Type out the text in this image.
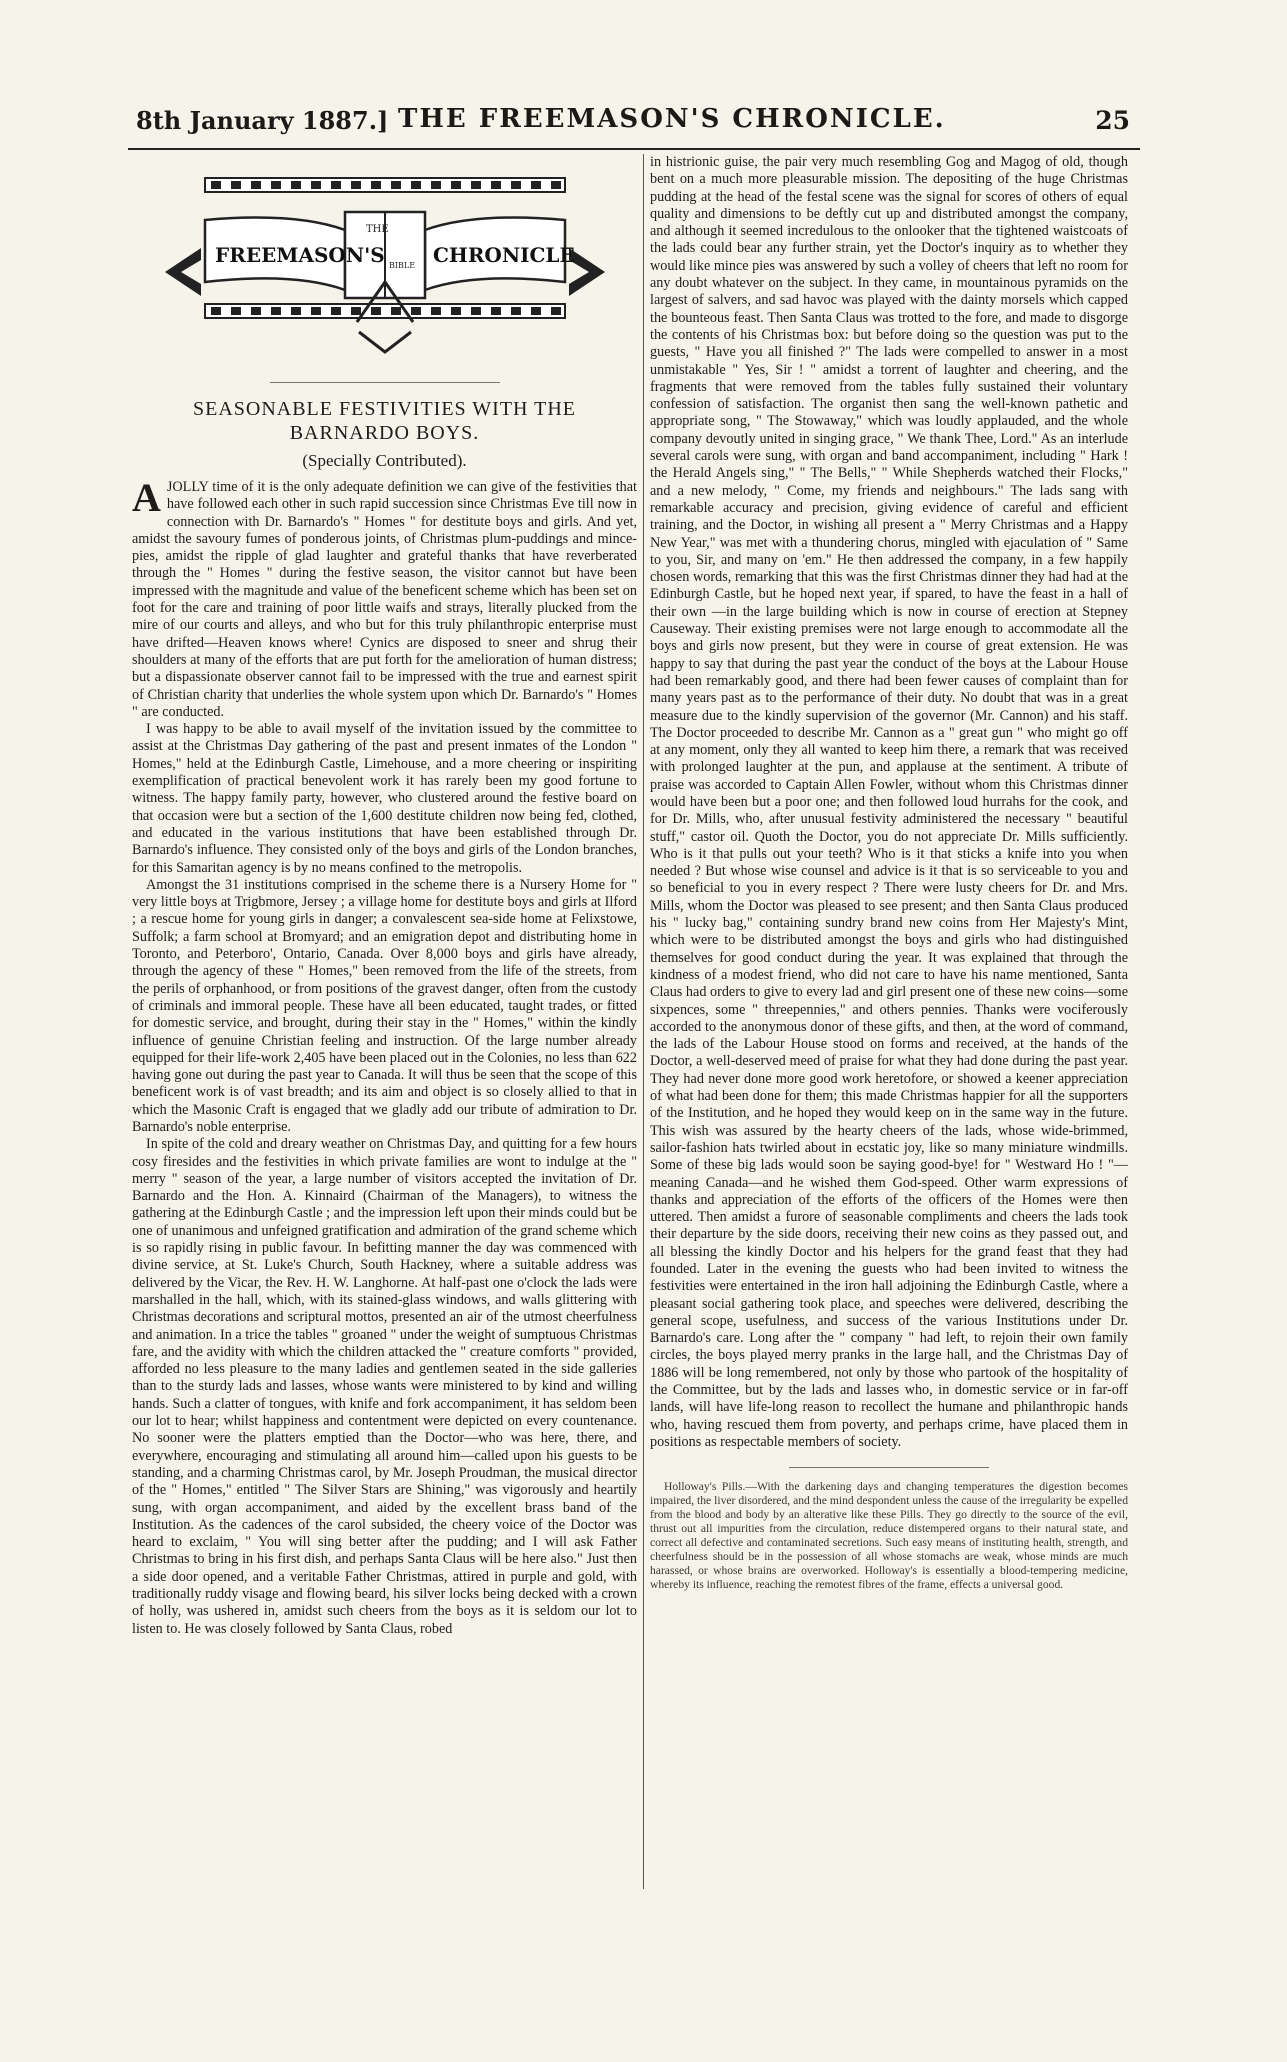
8th January 1887.] THE FREEMASON'S CHRONICLE.	25
THE
BIBLE
FREEMASON'S CHRONICLE
SEASONABLE FESTIVITIES WITH THE BARNARDO BOYS.
(Specially Contributed).

AJOLLY time of it is the only adequate definition we can give of the festivities that have followed each other in such rapid succession since Christmas Eve till now in connection with Dr. Barnardo's " Homes " for destitute boys and girls. And yet, amidst the savoury fumes of ponderous joints, of Christmas plum-puddings and mince-pies, amidst the ripple of glad laughter and grateful thanks that have reverberated through the " Homes " during the festive season, the visitor cannot but have been impressed with the magnitude and value of the beneficent scheme which has been set on foot for the care and training of poor little waifs and strays, literally plucked from the mire of our courts and alleys, and who but for this truly philanthropic enterprise must have drifted—Heaven knows where! Cynics are disposed to sneer and shrug their shoulders at many of the efforts that are put forth for the amelioration of human distress; but a dispassionate observer cannot fail to be impressed with the true and earnest spirit of Christian charity that underlies the whole system upon which Dr. Barnardo's " Homes " are conducted.

I was happy to be able to avail myself of the invitation issued by the committee to assist at the Christmas Day gathering of the past and present inmates of the London " Homes," held at the Edinburgh Castle, Limehouse, and a more cheering or inspiriting exemplification of practical benevolent work it has rarely been my good fortune to witness. The happy family party, however, who clustered around the festive board on that occasion were but a section of the 1,600 destitute children now being fed, clothed, and educated in the various institutions that have been established through Dr. Barnardo's influence. They consisted only of the boys and girls of the London branches, for this Samaritan agency is by no means confined to the metropolis.

Amongst the 31 institutions comprised in the scheme there is a Nursery Home for " very little boys at Trigbmore, Jersey ; a village home for destitute boys and girls at Ilford ; a rescue home for young girls in danger; a convalescent sea-side home at Felixstowe, Suffolk; a farm school at Bromyard; and an emigration depot and distributing home in Toronto, and Peterboro', Ontario, Canada. Over 8,000 boys and girls have already, through the agency of these " Homes," been removed from the life of the streets, from the perils of orphanhood, or from positions of the gravest danger, often from the custody of criminals and immoral people. These have all been educated, taught trades, or fitted for domestic service, and brought, during their stay in the " Homes," within the kindly influence of genuine Christian feeling and instruction. Of the large number already equipped for their life-work 2,405 have been placed out in the Colonies, no less than 622 having gone out during the past year to Canada. It will thus be seen that the scope of this beneficent work is of vast breadth; and its aim and object is so closely allied to that in which the Masonic Craft is engaged that we gladly add our tribute of admiration to Dr. Barnardo's noble enterprise.

In spite of the cold and dreary weather on Christmas Day, and quitting for a few hours cosy firesides and the festivities in which private families are wont to indulge at the " merry " season of the year, a large number of visitors accepted the invitation of Dr. Barnardo and the Hon. A. Kinnaird (Chairman of the Managers), to witness the gathering at the Edinburgh Castle ; and the impression left upon their minds could but be one of unanimous and unfeigned gratification and admiration of the grand scheme which is so rapidly rising in public favour. In befitting manner the day was commenced with divine service, at St. Luke's Church, South Hackney, where a suitable address was delivered by the Vicar, the Rev. H. W. Langhorne. At half-past one o'clock the lads were marshalled in the hall, which, with its stained-glass windows, and walls glittering with Christmas decorations and scriptural mottos, presented an air of the utmost cheerfulness and animation. In a trice the tables " groaned " under the weight of sumptuous Christmas fare, and the avidity with which the children attacked the " creature comforts " provided, afforded no less pleasure to the many ladies and gentlemen seated in the side galleries than to the sturdy lads and lasses, whose wants were ministered to by kind and willing hands. Such a clatter of tongues, with knife and fork accompaniment, it has seldom been our lot to hear; whilst happiness and contentment were depicted on every countenance. No sooner were the platters emptied than the Doctor—who was here, there, and everywhere, encouraging and stimulating all around him—called upon his guests to be standing, and a charming Christmas carol, by Mr. Joseph Proudman, the musical director of the " Homes," entitled " The Silver Stars are Shining," was vigorously and heartily sung, with organ accompaniment, and aided by the excellent brass band of the Institution. As the cadences of the carol subsided, the cheery voice of the Doctor was heard to exclaim, " You will sing better after the pudding; and I will ask Father Christmas to bring in his first dish, and perhaps Santa Claus will be here also." Just then a side door opened, and a veritable Father Christmas, attired in purple and gold, with traditionally ruddy visage and flowing beard, his silver locks being decked with a crown of holly, was ushered in, amidst such cheers from the boys as it is seldom our lot to listen to. He was closely followed by Santa Claus, robed

in histrionic guise, the pair very much resembling Gog and Magog of old, though bent on a much more pleasurable mission. The depositing of the huge Christmas pudding at the head of the festal scene was the signal for scores of others of equal quality and dimensions to be deftly cut up and distributed amongst the company, and although it seemed incredulous to the onlooker that the tightened waistcoats of the lads could bear any further strain, yet the Doctor's inquiry as to whether they would like mince pies was answered by such a volley of cheers that left no room for any doubt whatever on the subject. In they came, in mountainous pyramids on the largest of salvers, and sad havoc was played with the dainty morsels which capped the bounteous feast. Then Santa Claus was trotted to the fore, and made to disgorge the contents of his Christmas box: but before doing so the question was put to the guests, " Have you all finished ?" The lads were compelled to answer in a most unmistakable " Yes, Sir ! " amidst a torrent of laughter and cheering, and the fragments that were removed from the tables fully sustained their voluntary confession of satisfaction. The organist then sang the well-known pathetic and appropriate song, " The Stowaway," which was loudly applauded, and the whole company devoutly united in singing grace, " We thank Thee, Lord." As an interlude several carols were sung, with organ and band accompaniment, including " Hark ! the Herald Angels sing," " The Bells," " While Shepherds watched their Flocks," and a new melody, " Come, my friends and neighbours." The lads sang with remarkable accuracy and precision, giving evidence of careful and efficient training, and the Doctor, in wishing all present a " Merry Christmas and a Happy New Year," was met with a thundering chorus, mingled with ejaculation of " Same to you, Sir, and many on 'em." He then addressed the company, in a few happily chosen words, remarking that this was the first Christmas dinner they had had at the Edinburgh Castle, but he hoped next year, if spared, to have the feast in a hall of their own —in the large building which is now in course of erection at Stepney Causeway. Their existing premises were not large enough to accommodate all the boys and girls now present, but they were in course of great extension. He was happy to say that during the past year the conduct of the boys at the Labour House had been remarkably good, and there had been fewer causes of complaint than for many years past as to the performance of their duty. No doubt that was in a great measure due to the kindly supervision of the governor (Mr. Cannon) and his staff. The Doctor proceeded to describe Mr. Cannon as a " great gun " who might go off at any moment, only they all wanted to keep him there, a remark that was received with prolonged laughter at the pun, and applause at the sentiment. A tribute of praise was accorded to Captain Allen Fowler, without whom this Christmas dinner would have been but a poor one; and then followed loud hurrahs for the cook, and for Dr. Mills, who, after unusual festivity administered the necessary " beautiful stuff," castor oil. Quoth the Doctor, you do not appreciate Dr. Mills sufficiently. Who is it that pulls out your teeth? Who is it that sticks a knife into you when needed ? But whose wise counsel and advice is it that is so serviceable to you and so beneficial to you in every respect ? There were lusty cheers for Dr. and Mrs. Mills, whom the Doctor was pleased to see present; and then Santa Claus produced his " lucky bag," containing sundry brand new coins from Her Majesty's Mint, which were to be distributed amongst the boys and girls who had distinguished themselves for good conduct during the year. It was explained that through the kindness of a modest friend, who did not care to have his name mentioned, Santa Claus had orders to give to every lad and girl present one of these new coins—some sixpences, some " threepennies," and others pennies. Thanks were vociferously accorded to the anonymous donor of these gifts, and then, at the word of command, the lads of the Labour House stood on forms and received, at the hands of the Doctor, a well-deserved meed of praise for what they had done during the past year. They had never done more good work heretofore, or showed a keener appreciation of what had been done for them; this made Christmas happier for all the supporters of the Institution, and he hoped they would keep on in the same way in the future. This wish was assured by the hearty cheers of the lads, whose wide-brimmed, sailor-fashion hats twirled about in ecstatic joy, like so many miniature windmills. Some of these big lads would soon be saying good-bye! for " Westward Ho ! "—meaning Canada—and he wished them God-speed. Other warm expressions of thanks and appreciation of the efforts of the officers of the Homes were then uttered. Then amidst a furore of seasonable compliments and cheers the lads took their departure by the side doors, receiving their new coins as they passed out, and all blessing the kindly Doctor and his helpers for the grand feast that they had founded. Later in the evening the guests who had been invited to witness the festivities were entertained in the iron hall adjoining the Edinburgh Castle, where a pleasant social gathering took place, and speeches were delivered, describing the general scope, usefulness, and success of the various Institutions under Dr. Barnardo's care. Long after the " company " had left, to rejoin their own family circles, the boys played merry pranks in the large hall, and the Christmas Day of 1886 will be long remembered, not only by those who partook of the hospitality of the Committee, but by the lads and lasses who, in domestic service or in far-off lands, will have life-long reason to recollect the humane and philanthropic hands who, having rescued them from poverty, and perhaps crime, have placed them in positions as respectable members of society.

Holloway's Pills.—With the darkening days and changing temperatures the digestion becomes impaired, the liver disordered, and the mind despondent unless the cause of the irregularity be expelled from the blood and body by an alterative like these Pills. They go directly to the source of the evil, thrust out all impurities from the circulation, reduce distempered organs to their natural state, and correct all defective and contaminated secretions. Such easy means of instituting health, strength, and cheerfulness should be in the possession of all whose stomachs are weak, whose minds are much harassed, or whose brains are overworked. Holloway's is essentially a blood-tempering medicine, whereby its influence, reaching the remotest fibres of the frame, effects a universal good.
